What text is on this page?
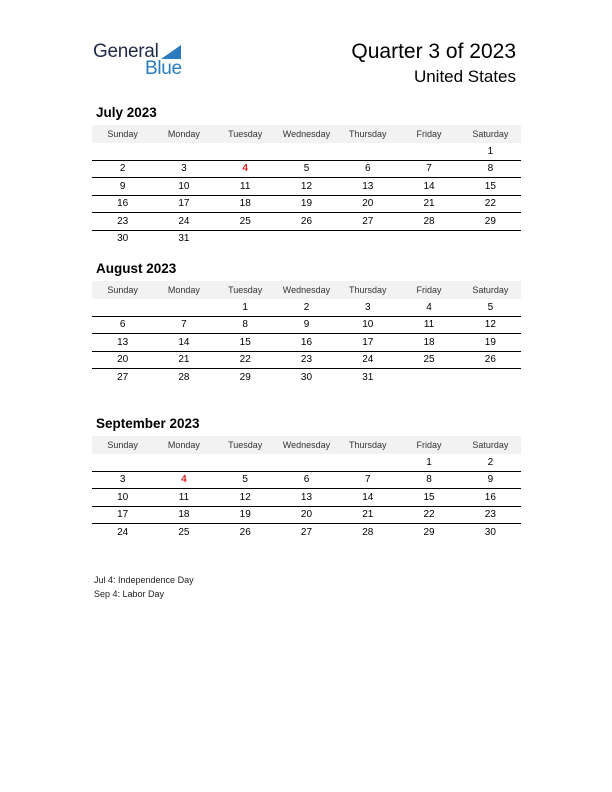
General
Blue
Quarter 3 of 2023
United States
July 2023
Sunday	Monday	Tuesday	Wednesday	Thursday	Friday	Saturday
						1
2	3	4	5	6	7	8
9	10	11	12	13	14	15
16	17	18	19	20	21	22
23	24	25	26	27	28	29
30	31					
August 2023
Sunday	Monday	Tuesday	Wednesday	Thursday	Friday	Saturday
		1	2	3	4	5
6	7	8	9	10	11	12
13	14	15	16	17	18	19
20	21	22	23	24	25	26
27	28	29	30	31		
September 2023
Sunday	Monday	Tuesday	Wednesday	Thursday	Friday	Saturday
					1	2
3	4	5	6	7	8	9
10	11	12	13	14	15	16
17	18	19	20	21	22	23
24	25	26	27	28	29	30
Jul 4: Independence Day
Sep 4: Labor Day
